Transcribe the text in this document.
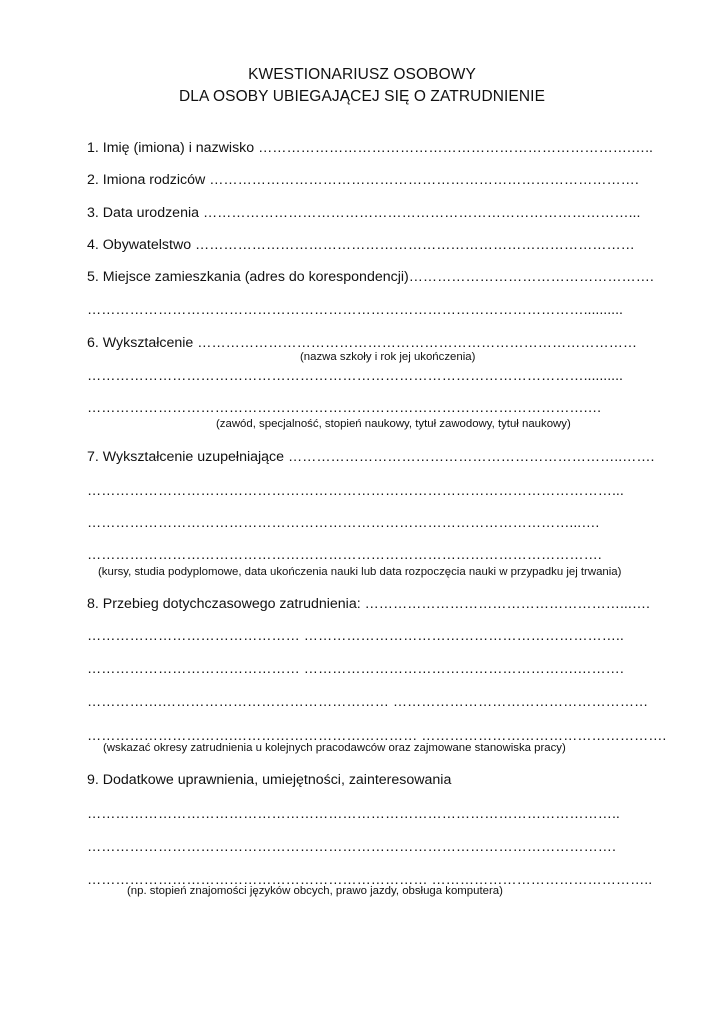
KWESTIONARIUSZ OSOBOWY
DLA OSOBY UBIEGAJĄCEJ SIĘ O ZATRUDNIENIE
1. Imię (imiona) i nazwisko …………………………………………………………………….…..
2. Imiona rodziców ……………………………………………………………………………….
3. Data urodzenia ………………………………………………………………………………...
4. Obywatelstwo …………………………………………………………………………………
5. Miejsce zamieszkania (adres do korespondencji)…………………………………………….
……………………………………………………………………………………………..........
6. Wykształcenie …………………………………………………………………………………
(nazwa szkoły i rok jej ukończenia)
……………………………………………………………………………………………..........
…………………………………………………………………………………………….…
(zawód, specjalność, stopień naukowy, tytuł zawodowy, tytuł naukowy)
7. Wykształcenie uzupełniające ……………………………………………………………..…….
…………………………………………………………………………………………………...
…………………………………………………………………………………………...….
……………………………………………………………………………………………….
(kursy, studia podyplomowe, data ukończenia nauki lub data rozpoczęcia nauki w przypadku jej trwania)
8. Przebieg dotychczasowego zatrudnienia: ………………………………………………...….
……………………………………… …………………………………………………………..
……………………………………… ………………………………………………….……….
…………….………………………………………… ………………………………………………
………………………….………………………………… …………………………………………….
(wskazać okresy zatrudnienia u kolejnych pracodawców oraz zajmowane stanowiska pracy)
9. Dodatkowe uprawnienia, umiejętności, zainteresowania
…………………………………………………………………………………………………..
………………………………………………………………………………………………….
……………………………………………………………… ………………………………………..
(np. stopień znajomości języków obcych, prawo jazdy, obsługa komputera)
